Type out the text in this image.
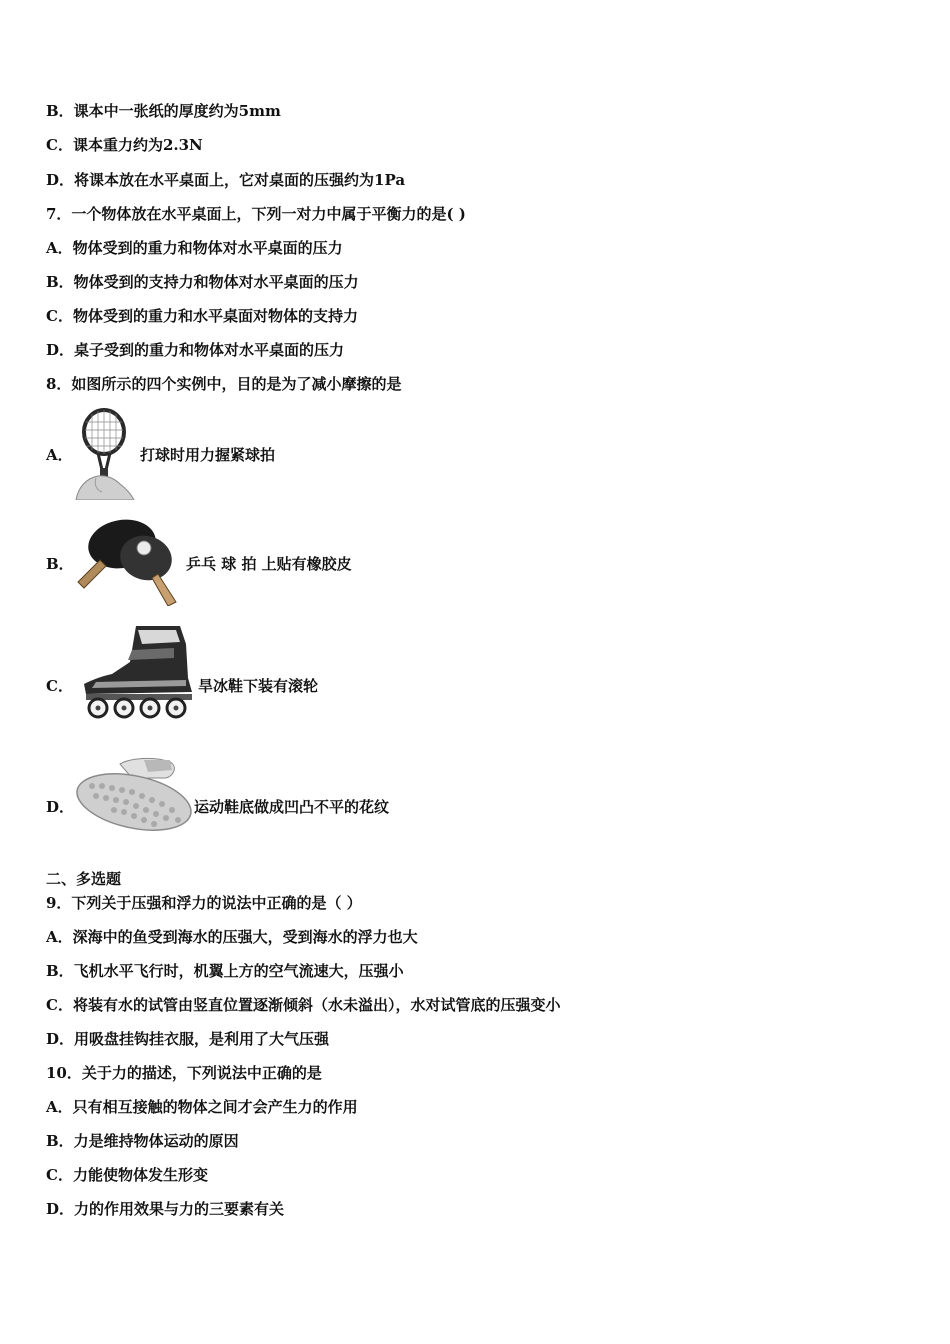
B．课本中一张纸的厚度约为5mm
C．课本重力约为2.3N
D．将课本放在水平桌面上，它对桌面的压强约为1Pa
7．一个物体放在水平桌面上，下列一对力中属于平衡力的是( )
A．物体受到的重力和物体对水平桌面的压力
B．物体受到的支持力和物体对水平桌面的压力
C．物体受到的重力和水平桌面对物体的支持力
D．桌子受到的重力和物体对水平桌面的压力
8．如图所示的四个实例中，目的是为了减小摩擦的是
A．	打球时用力握紧球拍
B．	乒乓 球 拍 上贴有橡胶皮
C．	旱冰鞋下装有滚轮
D．	运动鞋底做成凹凸不平的花纹
二、多选题
9．下列关于压强和浮力的说法中正确的是（ ）
A．深海中的鱼受到海水的压强大，受到海水的浮力也大
B．飞机水平飞行时，机翼上方的空气流速大，压强小
C．将装有水的试管由竖直位置逐渐倾斜（水未溢出），水对试管底的压强变小
D．用吸盘挂钩挂衣服，是利用了大气压强
10．关于力的描述，下列说法中正确的是
A．只有相互接触的物体之间才会产生力的作用
B．力是维持物体运动的原因
C．力能使物体发生形变
D．力的作用效果与力的三要素有关
